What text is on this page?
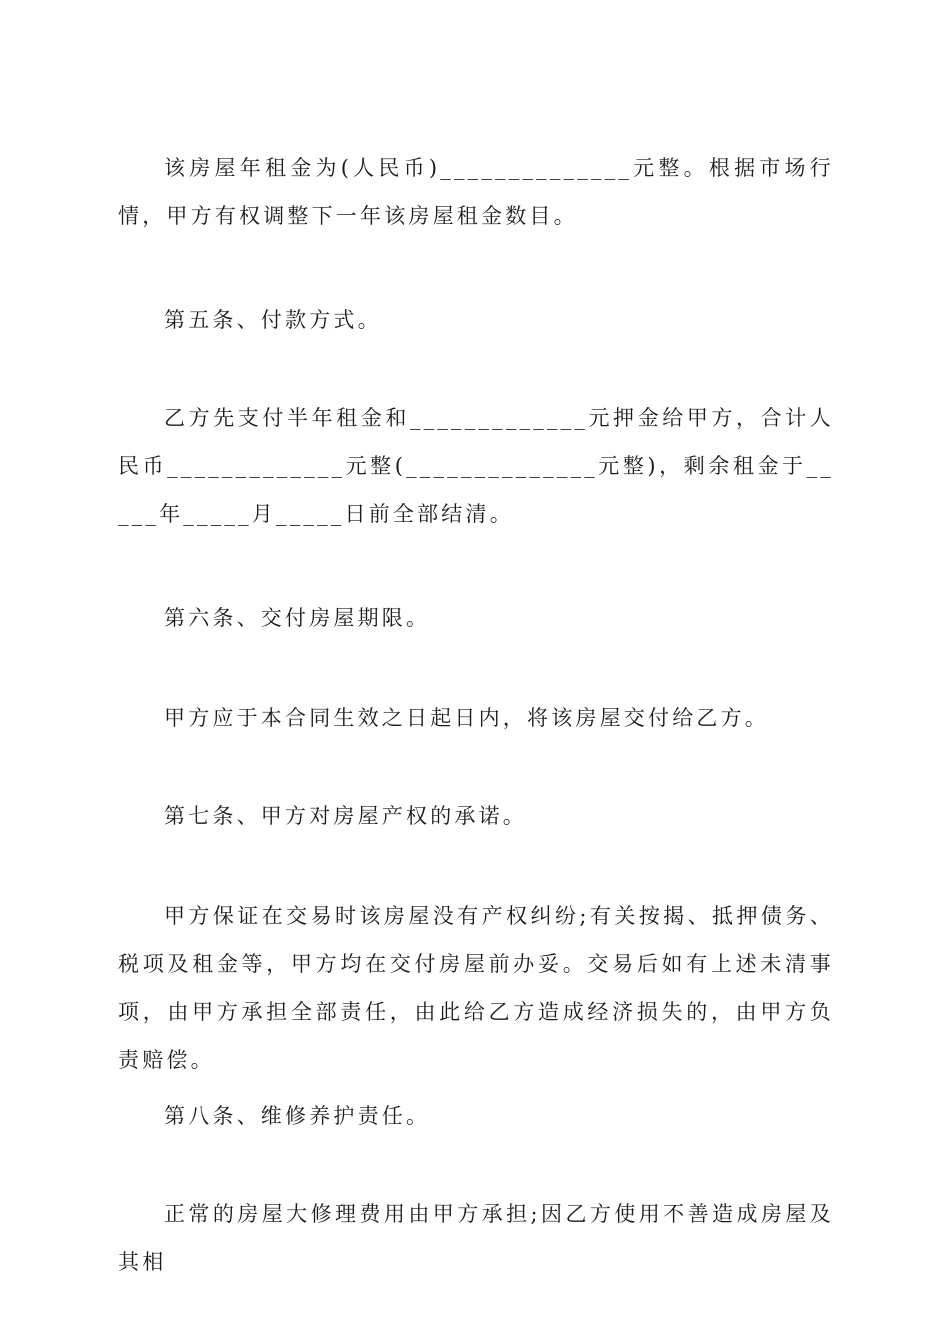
该房屋年租金为(人民币)______________元整。根据市场行情，甲方有权调整下一年该房屋租金数目。

第五条、付款方式。

乙方先支付半年租金和_____________元押金给甲方，合计人民币_____________元整(______________元整)，剩余租金于_____年_____月_____日前全部结清。

第六条、交付房屋期限。

甲方应于本合同生效之日起日内，将该房屋交付给乙方。

第七条、甲方对房屋产权的承诺。

甲方保证在交易时该房屋没有产权纠纷;有关按揭、抵押债务、税项及租金等，甲方均在交付房屋前办妥。交易后如有上述未清事项，由甲方承担全部责任，由此给乙方造成经济损失的，由甲方负责赔偿。

第八条、维修养护责任。

正常的房屋大修理费用由甲方承担;因乙方使用不善造成房屋及其相
